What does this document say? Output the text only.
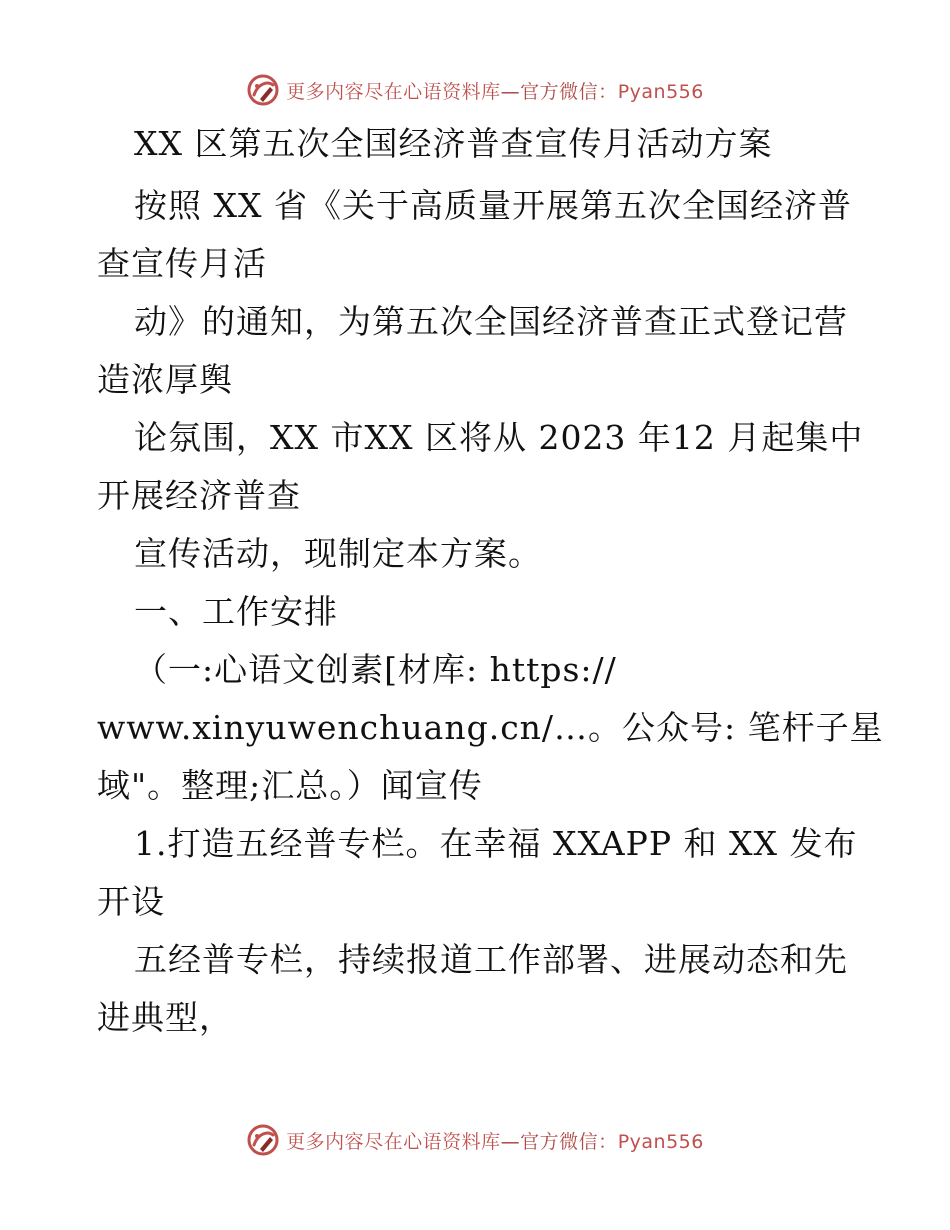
更多内容尽在心语资料库—官方微信：Pyan556
XX 区第五次全国经济普查宣传月活动方案
按照 XX 省《关于高质量开展第五次全国经济普
查宣传月活
动》的通知，为第五次全国经济普查正式登记营
造浓厚舆
论氛围，XX 市XX 区将从 2023 年12 月起集中
开展经济普查
宣传活动，现制定本方案。
一、工作安排
（一:心语文创素[材库: https://
www.xinyuwenchuang.cn/…。公众号: 笔杆子星
域"。整理;汇总。）闻宣传
1.打造五经普专栏。在幸福 XXAPP 和 XX 发布
开设
五经普专栏，持续报道工作部署、进展动态和先
进典型，
更多内容尽在心语资料库—官方微信：Pyan556
